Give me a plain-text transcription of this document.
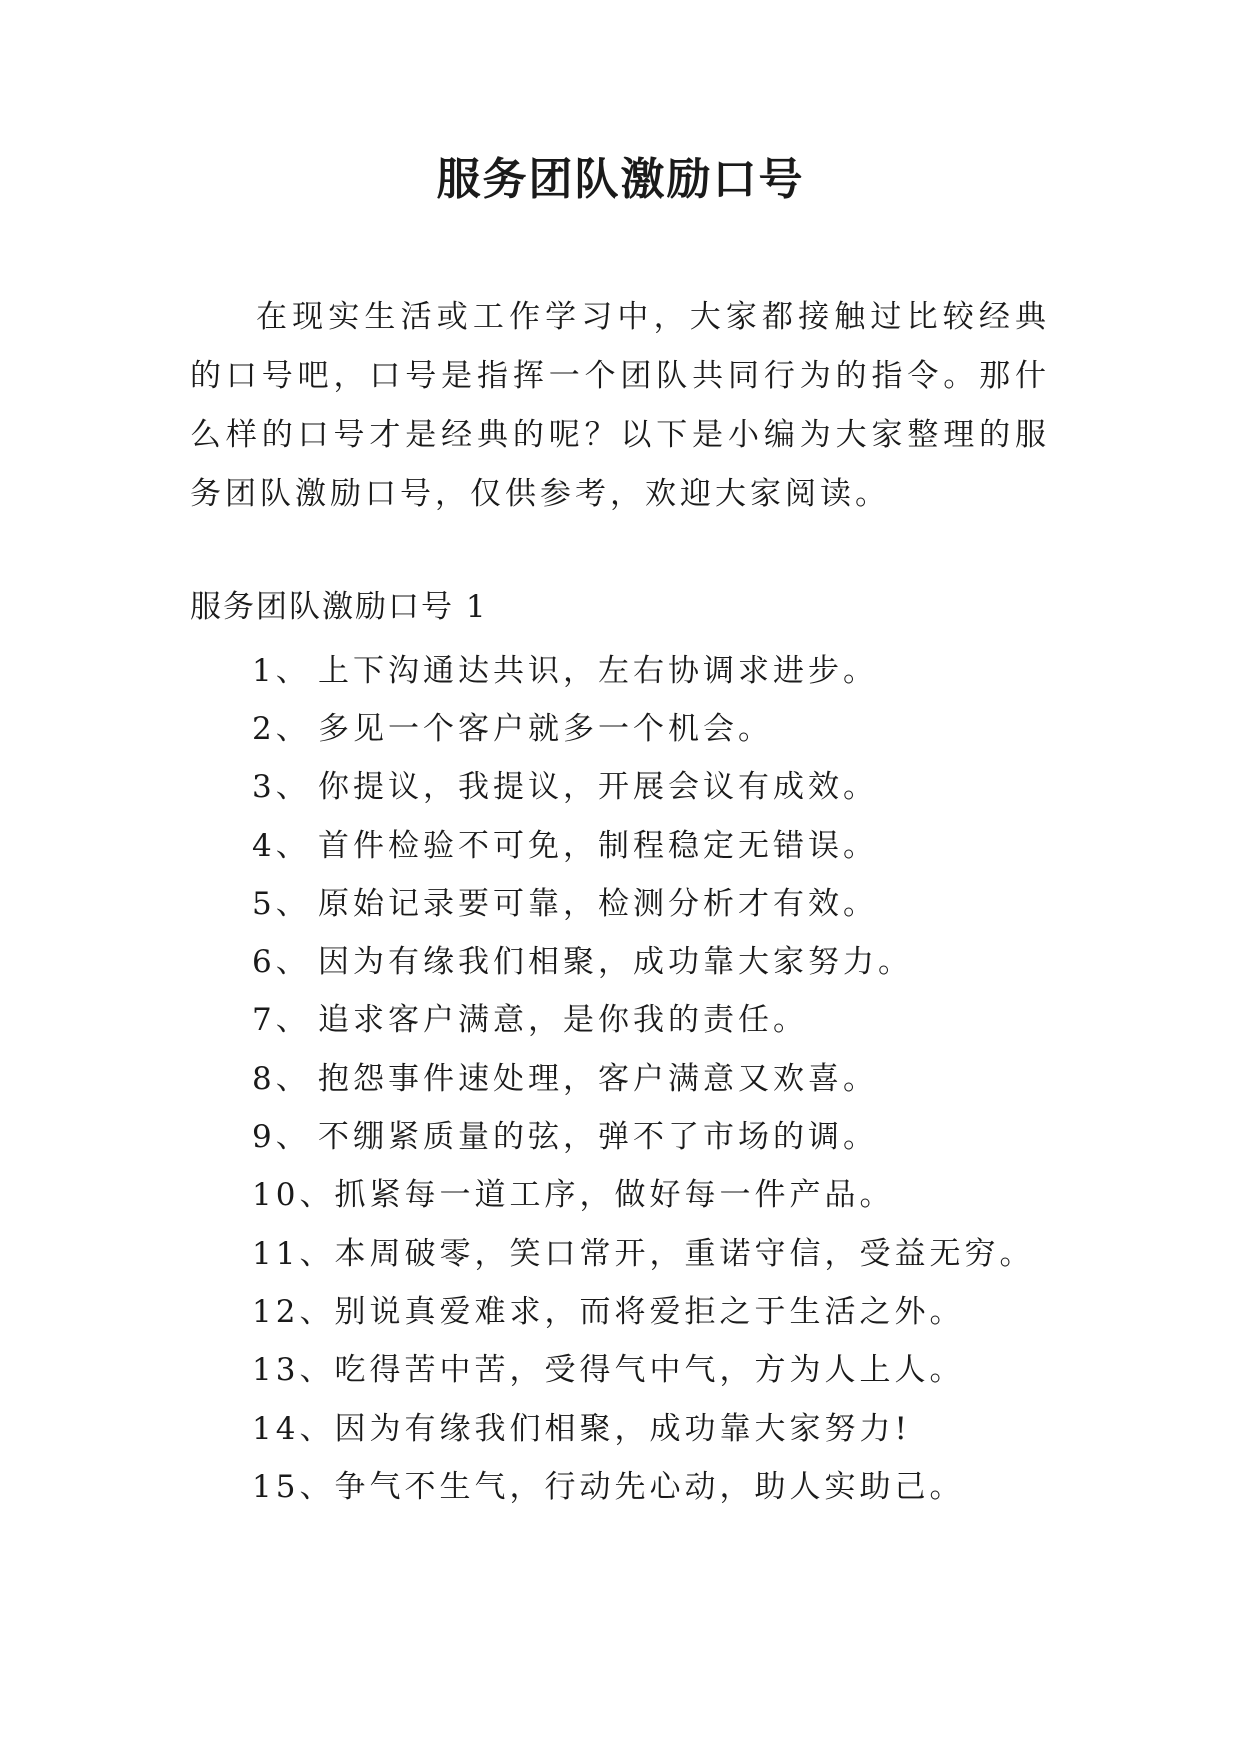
服务团队激励口号

在现实生活或工作学习中，大家都接触过比较经典的口号吧，口号是指挥一个团队共同行为的指令。那什么样的口号才是经典的呢？以下是小编为大家整理的服务团队激励口号，仅供参考，欢迎大家阅读。

服务团队激励口号 1

1、 上下沟通达共识，左右协调求进步。
2、 多见一个客户就多一个机会。
3、 你提议，我提议，开展会议有成效。
4、 首件检验不可免，制程稳定无错误。
5、 原始记录要可靠，检测分析才有效。
6、 因为有缘我们相聚，成功靠大家努力。
7、 追求客户满意，是你我的责任。
8、 抱怨事件速处理，客户满意又欢喜。
9、 不绷紧质量的弦，弹不了市场的调。
10、 抓紧每一道工序，做好每一件产品。
11、 本周破零，笑口常开，重诺守信，受益无穷。
12、 别说真爱难求，而将爱拒之于生活之外。
13、 吃得苦中苦，受得气中气，方为人上人。
14、 因为有缘我们相聚，成功靠大家努力!
15、 争气不生气，行动先心动，助人实助己。
